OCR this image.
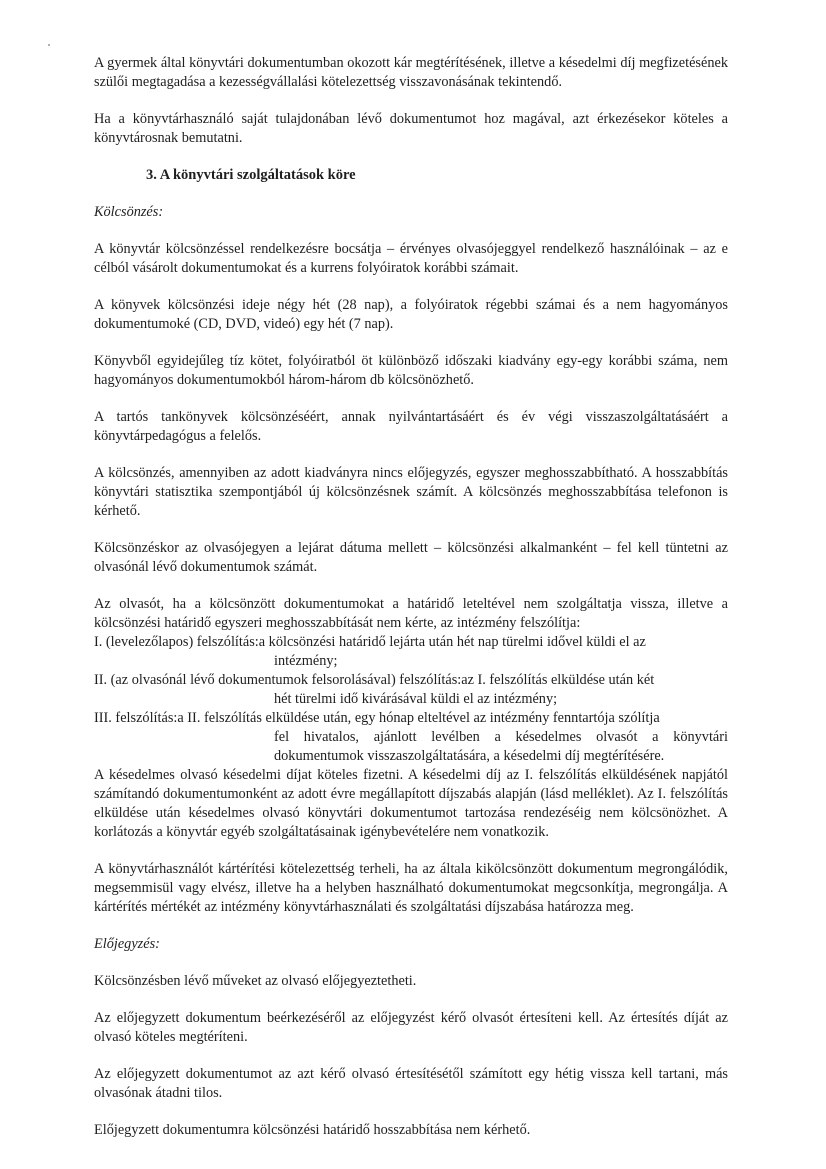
A gyermek által könyvtári dokumentumban okozott kár megtérítésének, illetve a késedelmi díj megfizetésének szülői megtagadása a kezességvállalási kötelezettség visszavonásának tekintendő.

Ha a könyvtárhasználó saját tulajdonában lévő dokumentumot hoz magával, azt érkezésekor köteles a könyvtárosnak bemutatni.

3. A könyvtári szolgáltatások köre

Kölcsönzés:

A könyvtár kölcsönzéssel rendelkezésre bocsátja – érvényes olvasójeggyel rendelkező használóinak – az e célból vásárolt dokumentumokat és a kurrens folyóiratok korábbi számait.

A könyvek kölcsönzési ideje négy hét (28 nap), a folyóiratok régebbi számai és a nem hagyományos dokumentumoké (CD, DVD, videó) egy hét (7 nap).

Könyvből egyidejűleg tíz kötet, folyóiratból öt különböző időszaki kiadvány egy-egy korábbi száma, nem hagyományos dokumentumokból három-három db kölcsönözhető.

A tartós tankönyvek kölcsönzéséért, annak nyilvántartásáért és év végi visszaszolgáltatásáért a könyvtárpedagógus a felelős.

A kölcsönzés, amennyiben az adott kiadványra nincs előjegyzés, egyszer meghosszabbítható. A hosszabbítás könyvtári statisztika szempontjából új kölcsönzésnek számít. A kölcsönzés meghosszabbítása telefonon is kérhető.

Kölcsönzéskor az olvasójegyen a lejárat dátuma mellett – kölcsönzési alkalmanként – fel kell tüntetni az olvasónál lévő dokumentumok számát.

Az olvasót, ha a kölcsönzött dokumentumokat a határidő leteltével nem szolgáltatja vissza, illetve a kölcsönzési határidő egyszeri meghosszabbítását nem kérte, az intézmény felszólítja:

I. (levelezőlapos) felszólítás: a kölcsönzési határidő lejárta után hét nap türelmi idővel küldi el az
intézmény;
II. (az olvasónál lévő dokumentumok felsorolásával) felszólítás: az I. felszólítás elküldése után két
hét türelmi idő kivárásával küldi el az intézmény;
III. felszólítás: a II. felszólítás elküldése után, egy hónap elteltével az intézmény fenntartója szólítja
fel hivatalos, ajánlott levélben a késedelmes olvasót a könyvtári dokumentumok visszaszolgáltatására, a késedelmi díj megtérítésére.

A késedelmes olvasó késedelmi díjat köteles fizetni. A késedelmi díj az I. felszólítás elküldésének napjától számítandó dokumentumonként az adott évre megállapított díjszabás alapján (lásd melléklet). Az I. felszólítás elküldése után késedelmes olvasó könyvtári dokumentumot tartozása rendezéséig nem kölcsönözhet. A korlátozás a könyvtár egyéb szolgáltatásainak igénybevételére nem vonatkozik.

A könyvtárhasználót kártérítési kötelezettség terheli, ha az általa kikölcsönzött dokumentum megrongálódik, megsemmisül vagy elvész, illetve ha a helyben használható dokumentumokat megcsonkítja, megrongálja. A kártérítés mértékét az intézmény könyvtárhasználati és szolgáltatási díjszabása határozza meg.

Előjegyzés:

Kölcsönzésben lévő műveket az olvasó előjegyeztetheti.

Az előjegyzett dokumentum beérkezéséről az előjegyzést kérő olvasót értesíteni kell. Az értesítés díját az olvasó köteles megtéríteni.

Az előjegyzett dokumentumot az azt kérő olvasó értesítésétől számított egy hétig vissza kell tartani, más olvasónak átadni tilos.

Előjegyzett dokumentumra kölcsönzési határidő hosszabbítása nem kérhető.
